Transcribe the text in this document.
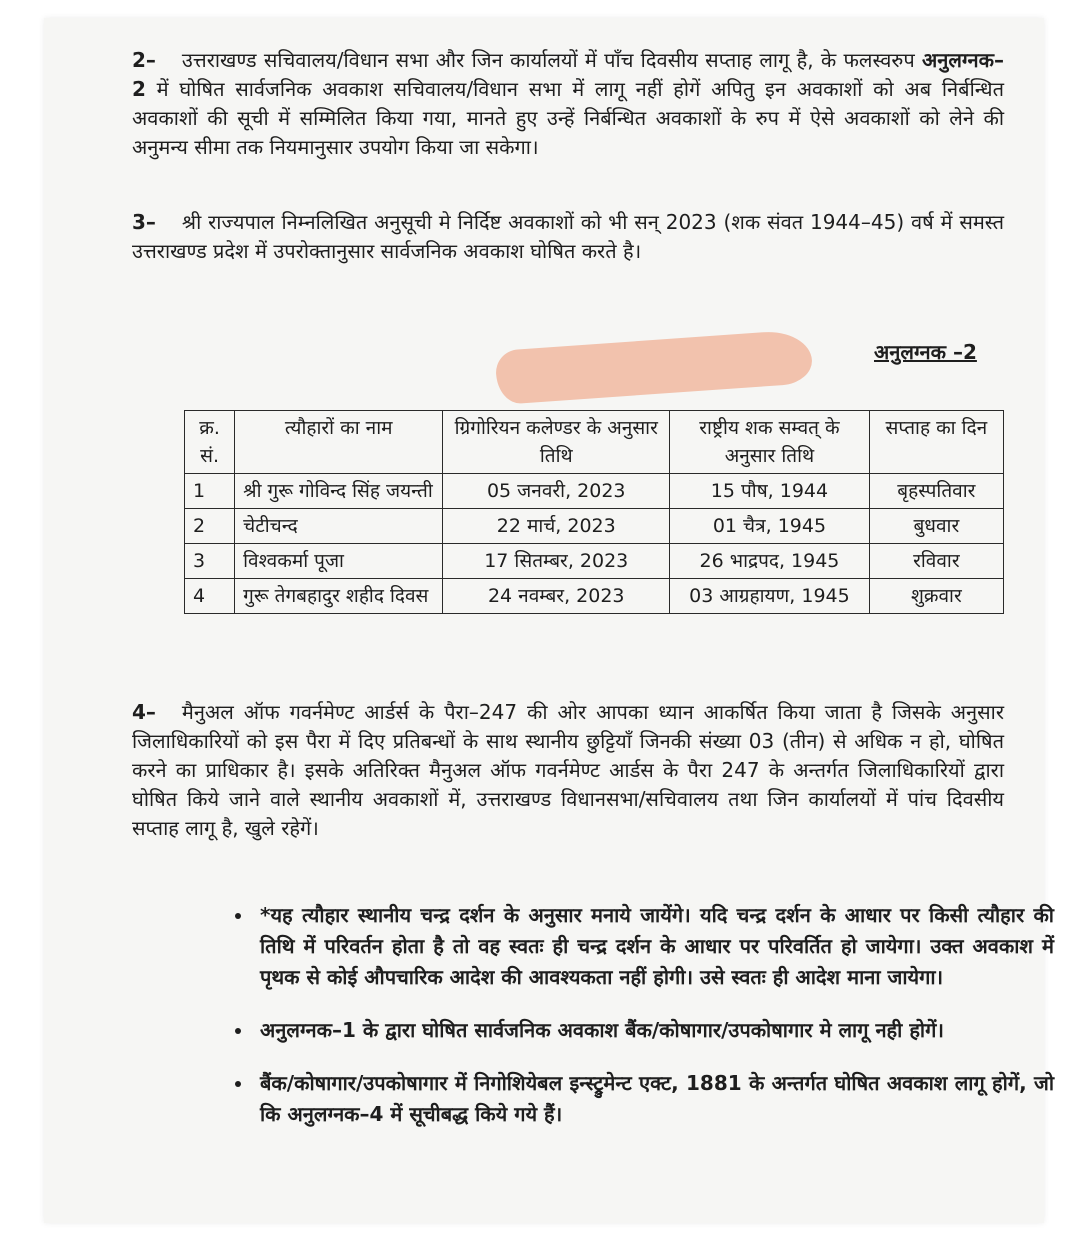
2– उत्तराखण्ड सचिवालय/विधान सभा और जिन कार्यालयों में पाँच दिवसीय सप्ताह लागू है, के फलस्वरुप अनुलग्नक–2 में घोषित सार्वजनिक अवकाश सचिवालय/विधान सभा में लागू नहीं होगें अपितु इन अवकाशों को अब निर्बन्धित अवकाशों की सूची में सम्मिलित किया गया, मानते हुए उन्हें निर्बन्धित अवकाशों के रुप में ऐसे अवकाशों को लेने की अनुमन्य सीमा तक नियमानुसार उपयोग किया जा सकेगा।

3– श्री राज्यपाल निम्नलिखित अनुसूची मे निर्दिष्ट अवकाशों को भी सन् 2023 (शक संवत 1944–45) वर्ष में समस्त उत्तराखण्ड प्रदेश में उपरोक्तानुसार सार्वजनिक अवकाश घोषित करते है।

अनुलग्नक –2
क्र. सं.	त्यौहारों का नाम	ग्रिगोरियन कलेण्डर के अनुसार तिथि	राष्ट्रीय शक सम्वत् के अनुसार तिथि	सप्ताह का दिन
1	श्री गुरू गोविन्द सिंह जयन्ती	05 जनवरी, 2023	15 पौष, 1944	बृहस्पतिवार
2	चेटीचन्द	22 मार्च, 2023	01 चैत्र, 1945	बुधवार
3	विश्वकर्मा पूजा	17 सितम्बर, 2023	26 भाद्रपद, 1945	रविवार
4	गुरू तेगबहादुर शहीद दिवस	24 नवम्बर, 2023	03 आग्रहायण, 1945	शुक्रवार

4– मैनुअल ऑफ गवर्नमेण्ट आर्डर्स के पैरा–247 की ओर आपका ध्यान आकर्षित किया जाता है जिसके अनुसार जिलाधिकारियों को इस पैरा में दिए प्रतिबन्धों के साथ स्थानीय छुट्टियाँ जिनकी संख्या 03 (तीन) से अधिक न हो, घोषित करने का प्राधिकार है। इसके अतिरिक्त मैनुअल ऑफ गवर्नमेण्ट आर्डस के पैरा 247 के अन्तर्गत जिलाधिकारियों द्वारा घोषित किये जाने वाले स्थानीय अवकाशों में, उत्तराखण्ड विधानसभा/सचिवालय तथा जिन कार्यालयों में पांच दिवसीय सप्ताह लागू है, खुले रहेगें।

• *यह त्यौहार स्थानीय चन्द्र दर्शन के अनुसार मनाये जायेंगे। यदि चन्द्र दर्शन के आधार पर किसी त्यौहार की तिथि में परिवर्तन होता है तो वह स्वतः ही चन्द्र दर्शन के आधार पर परिवर्तित हो जायेगा। उक्त अवकाश में पृथक से कोई औपचारिक आदेश की आवश्यकता नहीं होगी। उसे स्वतः ही आदेश माना जायेगा।
• अनुलग्नक–1 के द्वारा घोषित सार्वजनिक अवकाश बैंक/कोषागार/उपकोषागार मे लागू नही होगें।
• बैंक/कोषागार/उपकोषागार में निगोशियेबल इन्स्ट्रुमेन्ट एक्ट, 1881 के अन्तर्गत घोषित अवकाश लागू होगें, जो कि अनुलग्नक–4 में सूचीबद्ध किये गये हैं।
